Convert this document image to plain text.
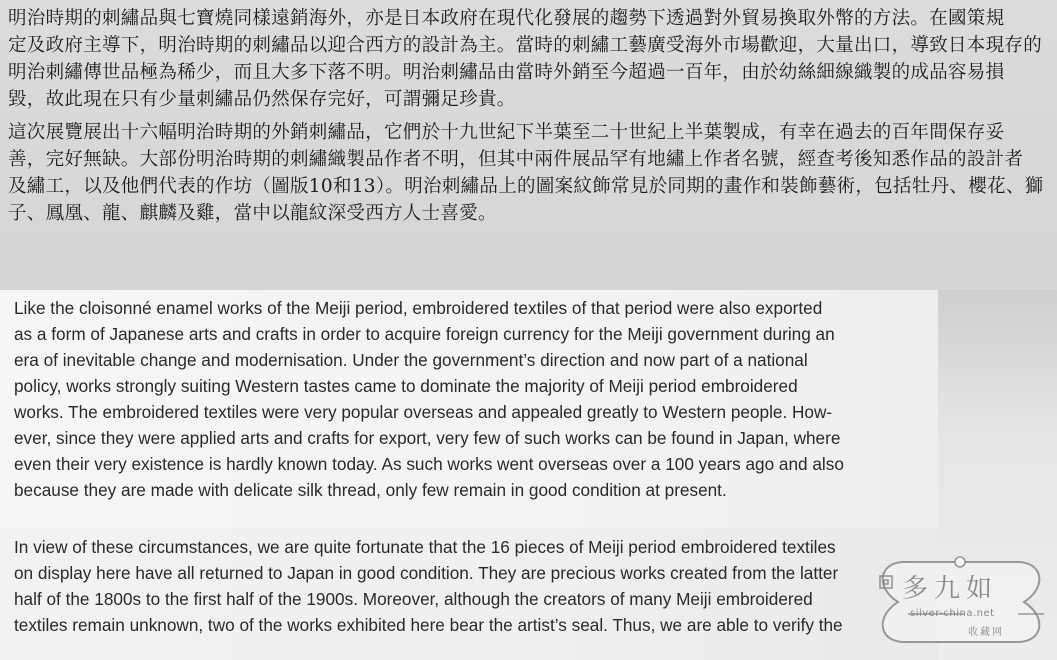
明治時期的刺繡品與七寶燒同樣遠銷海外，亦是日本政府在現代化發展的趨勢下透過對外貿易換取外幣的方法。在國策規
定及政府主導下，明治時期的刺繡品以迎合西方的設計為主。當時的刺繡工藝廣受海外市場歡迎，大量出口，導致日本現存的
明治刺繡傳世品極為稀少，而且大多下落不明。明治刺繡品由當時外銷至今超過一百年，由於幼絲細線織製的成品容易損
毀，故此現在只有少量刺繡品仍然保存完好，可謂彌足珍貴。
這次展覽展出十六幅明治時期的外銷刺繡品，它們於十九世紀下半葉至二十世紀上半葉製成，有幸在過去的百年間保存妥
善，完好無缺。大部份明治時期的刺繡織製品作者不明，但其中兩件展品罕有地繡上作者名號，經查考後知悉作品的設計者
及繡工，以及他們代表的作坊（圖版10和13）。明治刺繡品上的圖案紋飾常見於同期的畫作和裝飾藝術，包括牡丹、櫻花、獅
子、鳳凰、龍、麒麟及雞，當中以龍紋深受西方人士喜愛。
Like the cloisonné enamel works of the Meiji period, embroidered textiles of that period were also exported
as a form of Japanese arts and crafts in order to acquire foreign currency for the Meiji government during an
era of inevitable change and modernisation. Under the government’s direction and now part of a national
policy, works strongly suiting Western tastes came to dominate the majority of Meiji period embroidered
works. The embroidered textiles were very popular overseas and appealed greatly to Western people. How-
ever, since they were applied arts and crafts for export, very few of such works can be found in Japan, where
even their very existence is hardly known today. As such works went overseas over a 100 years ago and also
because they are made with delicate silk thread, only few remain in good condition at present.
In view of these circumstances, we are quite fortunate that the 16 pieces of Meiji period embroidered textiles
on display here have all returned to Japan in good condition. They are precious works created from the latter
half of the 1800s to the first half of the 1900s. Moreover, although the creators of many Meiji embroidered
textiles remain unknown, two of the works exhibited here bear the artist’s seal. Thus, we are able to verify the
多九如
silver-china.net
收藏网
